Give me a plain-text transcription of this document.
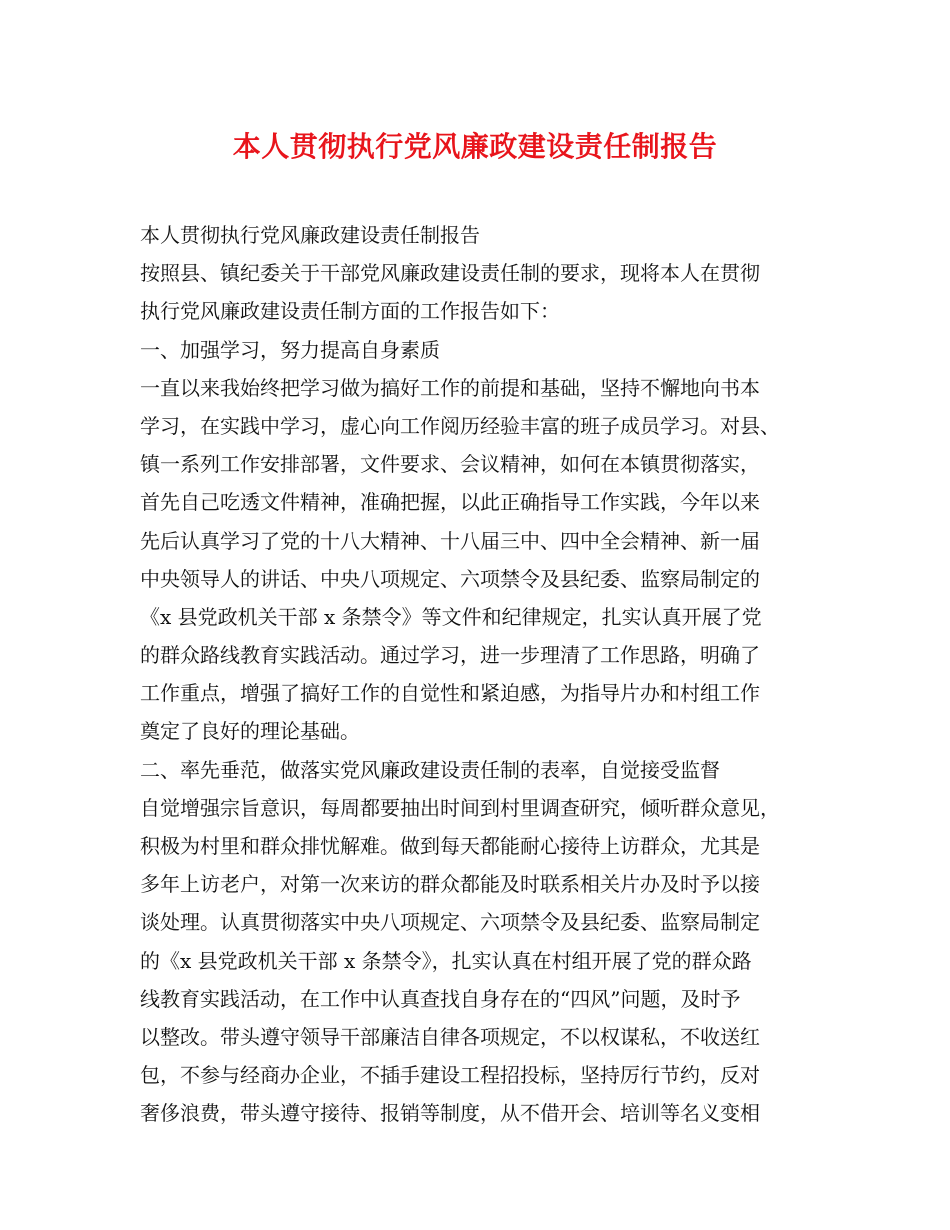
本人贯彻执行党风廉政建设责任制报告
本人贯彻执行党风廉政建设责任制报告
按照县、镇纪委关于干部党风廉政建设责任制的要求，现将本人在贯彻
执行党风廉政建设责任制方面的工作报告如下：
一、加强学习，努力提高自身素质
一直以来我始终把学习做为搞好工作的前提和基础，坚持不懈地向书本
学习，在实践中学习，虚心向工作阅历经验丰富的班子成员学习。对县、
镇一系列工作安排部署，文件要求、会议精神，如何在本镇贯彻落实，
首先自己吃透文件精神，准确把握，以此正确指导工作实践，今年以来
先后认真学习了党的十八大精神、十八届三中、四中全会精神、新一届
中央领导人的讲话、中央八项规定、六项禁令及县纪委、监察局制定的
《x 县党政机关干部 x 条禁令》等文件和纪律规定，扎实认真开展了党
的群众路线教育实践活动。通过学习，进一步理清了工作思路，明确了
工作重点，增强了搞好工作的自觉性和紧迫感，为指导片办和村组工作
奠定了良好的理论基础。
二、率先垂范，做落实党风廉政建设责任制的表率，自觉接受监督
自觉增强宗旨意识，每周都要抽出时间到村里调查研究，倾听群众意见，
积极为村里和群众排忧解难。做到每天都能耐心接待上访群众，尤其是
多年上访老户，对第一次来访的群众都能及时联系相关片办及时予以接
谈处理。认真贯彻落实中央八项规定、六项禁令及县纪委、监察局制定
的《x 县党政机关干部 x 条禁令》，扎实认真在村组开展了党的群众路
线教育实践活动，在工作中认真查找自身存在的“四风”问题，及时予
以整改。带头遵守领导干部廉洁自律各项规定，不以权谋私，不收送红
包，不参与经商办企业，不插手建设工程招投标，坚持厉行节约，反对
奢侈浪费，带头遵守接待、报销等制度，从不借开会、培训等名义变相
